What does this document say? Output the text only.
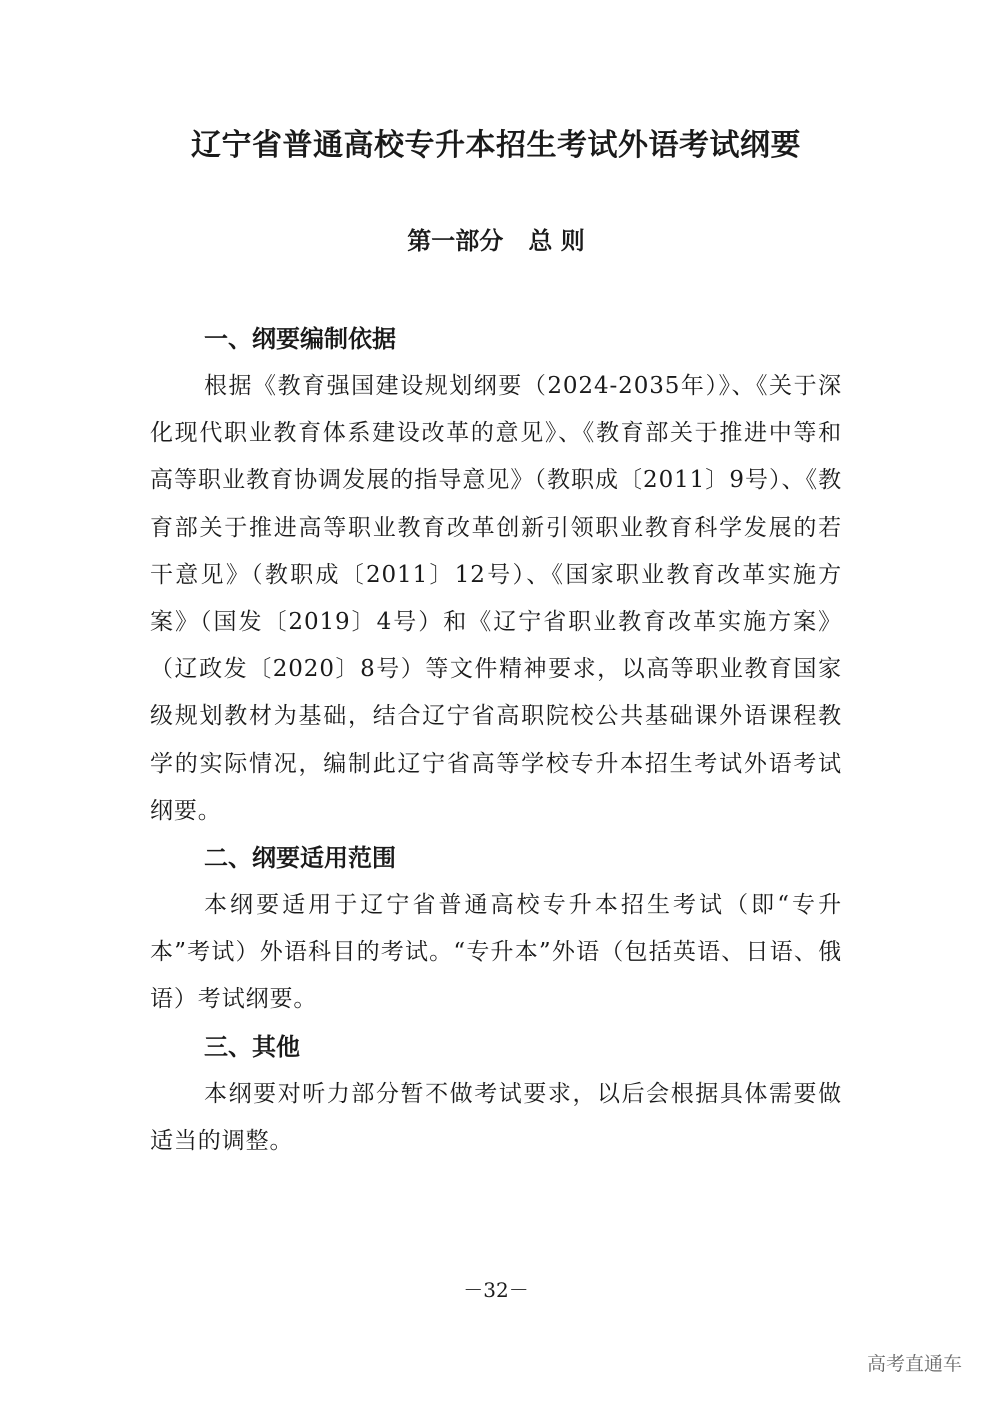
辽宁省普通高校专升本招生考试外语考试纲要
第一部分   总 则
一、纲要编制依据

根据《教育强国建设规划纲要（2024-2035年）》、《关于深化现代职业教育体系建设改革的意见》、《教育部关于推进中等和高等职业教育协调发展的指导意见》（教职成〔2011〕9号）、《教育部关于推进高等职业教育改革创新引领职业教育科学发展的若干意见》（教职成〔2011〕12号）、《国家职业教育改革实施方案》（国发〔2019〕4号）和《辽宁省职业教育改革实施方案》（辽政发〔2020〕8号）等文件精神要求，以高等职业教育国家级规划教材为基础，结合辽宁省高职院校公共基础课外语课程教学的实际情况，编制此辽宁省高等学校专升本招生考试外语考试纲要。

二、纲要适用范围

本纲要适用于辽宁省普通高校专升本招生考试（即“专升本”考试）外语科目的考试。“专升本”外语（包括英语、日语、俄语）考试纲要。

三、其他

本纲要对听力部分暂不做考试要求，以后会根据具体需要做适当的调整。

－32－
高考直通车
